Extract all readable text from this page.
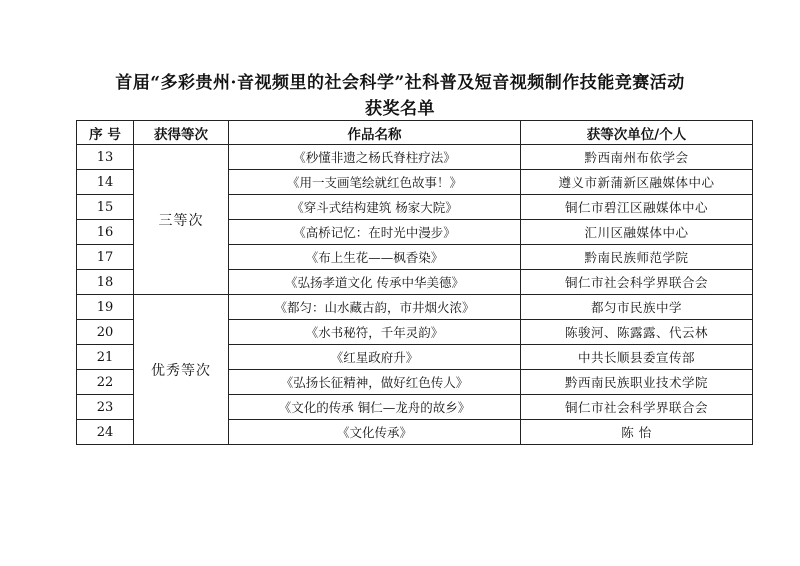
首届“多彩贵州·音视频里的社会科学”社科普及短音视频制作技能竞赛活动
获奖名单
序 号	获得等次	作品名称	获等次单位/个人
13	三等次	《秒懂非遗之杨氏脊柱疗法》	黔西南州布依学会
14		《用一支画笔绘就红色故事！》	遵义市新蒲新区融媒体中心
15		《穿斗式结构建筑 杨家大院》	铜仁市碧江区融媒体中心
16		《高桥记忆：在时光中漫步》	汇川区融媒体中心
17		《布上生花——枫香染》	黔南民族师范学院
18		《弘扬孝道文化 传承中华美德》	铜仁市社会科学界联合会
19	优秀等次	《都匀：山水藏古韵，市井烟火浓》	都匀市民族中学
20		《水书秘符，千年灵韵》	陈骏河、陈露露、代云林
21		《红星政府升》	中共长顺县委宣传部
22		《弘扬长征精神，做好红色传人》	黔西南民族职业技术学院
23		《文化的传承 铜仁—龙舟的故乡》	铜仁市社会科学界联合会
24		《文化传承》	陈 怡
